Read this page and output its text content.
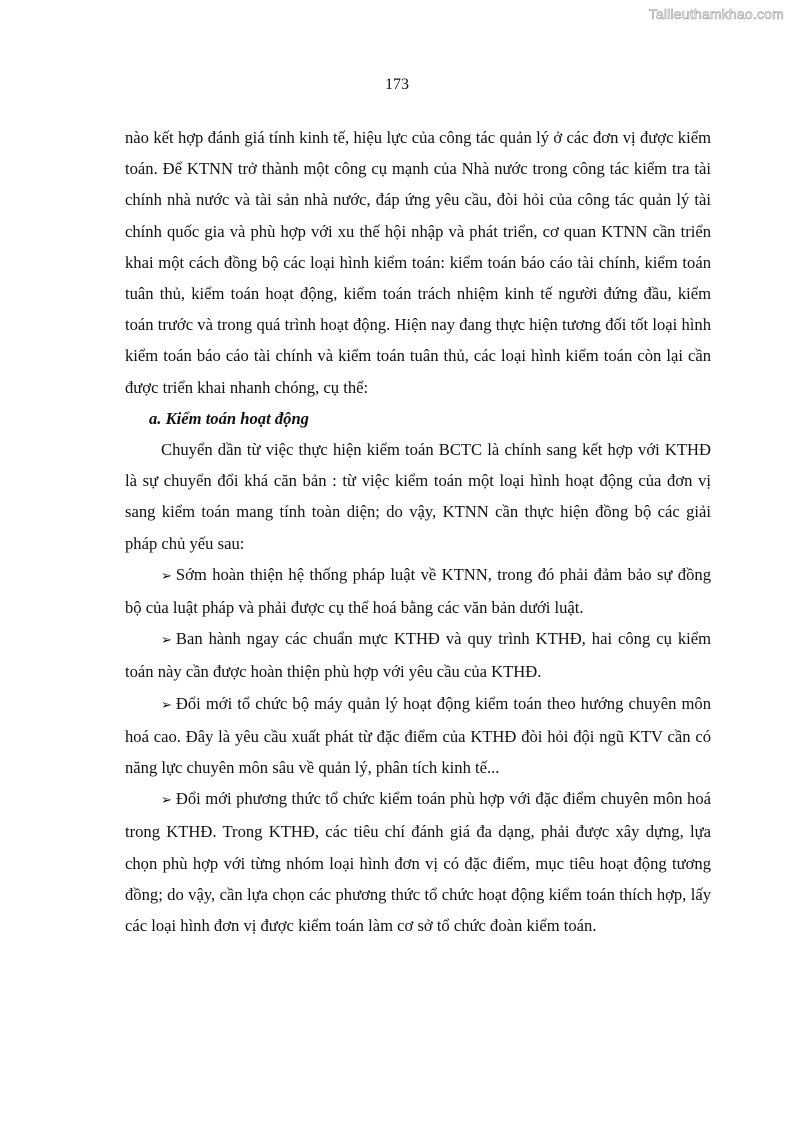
Tailieuthamkhao.com
173

nào kết hợp đánh giá tính kinh tế, hiệu lực của công tác quản lý ở các đơn vị được kiểm toán. Để KTNN trở thành một công cụ mạnh của Nhà nước trong công tác kiểm tra tài chính nhà nước và tài sản nhà nước, đáp ứng yêu cầu, đòi hỏi của công tác quản lý tài chính quốc gia và phù hợp với xu thế hội nhập và phát triển, cơ quan KTNN cần triển khai một cách đồng bộ các loại hình kiểm toán: kiểm toán báo cáo tài chính, kiểm toán tuân thủ, kiểm toán hoạt động, kiểm toán trách nhiệm kinh tế người đứng đầu, kiểm toán trước và trong quá trình hoạt động. Hiện nay đang thực hiện tương đối tốt loại hình kiểm toán báo cáo tài chính và kiểm toán tuân thủ, các loại hình kiểm toán còn lại cần được triển khai nhanh chóng, cụ thể:

a. Kiểm toán hoạt động

Chuyển dần từ việc thực hiện kiểm toán BCTC là chính sang kết hợp với KTHĐ là sự chuyển đổi khá căn bản : từ việc kiểm toán một loại hình hoạt động của đơn vị sang kiểm toán mang tính toàn diện; do vậy, KTNN cần thực hiện đồng bộ các giải pháp chủ yếu sau:

➢ Sớm hoàn thiện hệ thống pháp luật về KTNN, trong đó phải đảm bảo sự đồng bộ của luật pháp và phải được cụ thể hoá bằng các văn bản dưới luật.

➢ Ban hành ngay các chuẩn mực KTHĐ và quy trình KTHĐ, hai công cụ kiểm toán này cần được hoàn thiện phù hợp với yêu cầu của KTHĐ.

➢ Đổi mới tổ chức bộ máy quản lý hoạt động kiểm toán theo hướng chuyên môn hoá cao. Đây là yêu cầu xuất phát từ đặc điểm của KTHĐ đòi hỏi đội ngũ KTV cần có năng lực chuyên môn sâu về quản lý, phân tích kinh tế...

➢ Đổi mới phương thức tổ chức kiểm toán phù hợp với đặc điểm chuyên môn hoá trong KTHĐ. Trong KTHĐ, các tiêu chí đánh giá đa dạng, phải được xây dựng, lựa chọn phù hợp với từng nhóm loại hình đơn vị có đặc điểm, mục tiêu hoạt động tương đồng; do vậy, cần lựa chọn các phương thức tổ chức hoạt động kiểm toán thích hợp, lấy các loại hình đơn vị được kiểm toán làm cơ sở tổ chức đoàn kiểm toán.
